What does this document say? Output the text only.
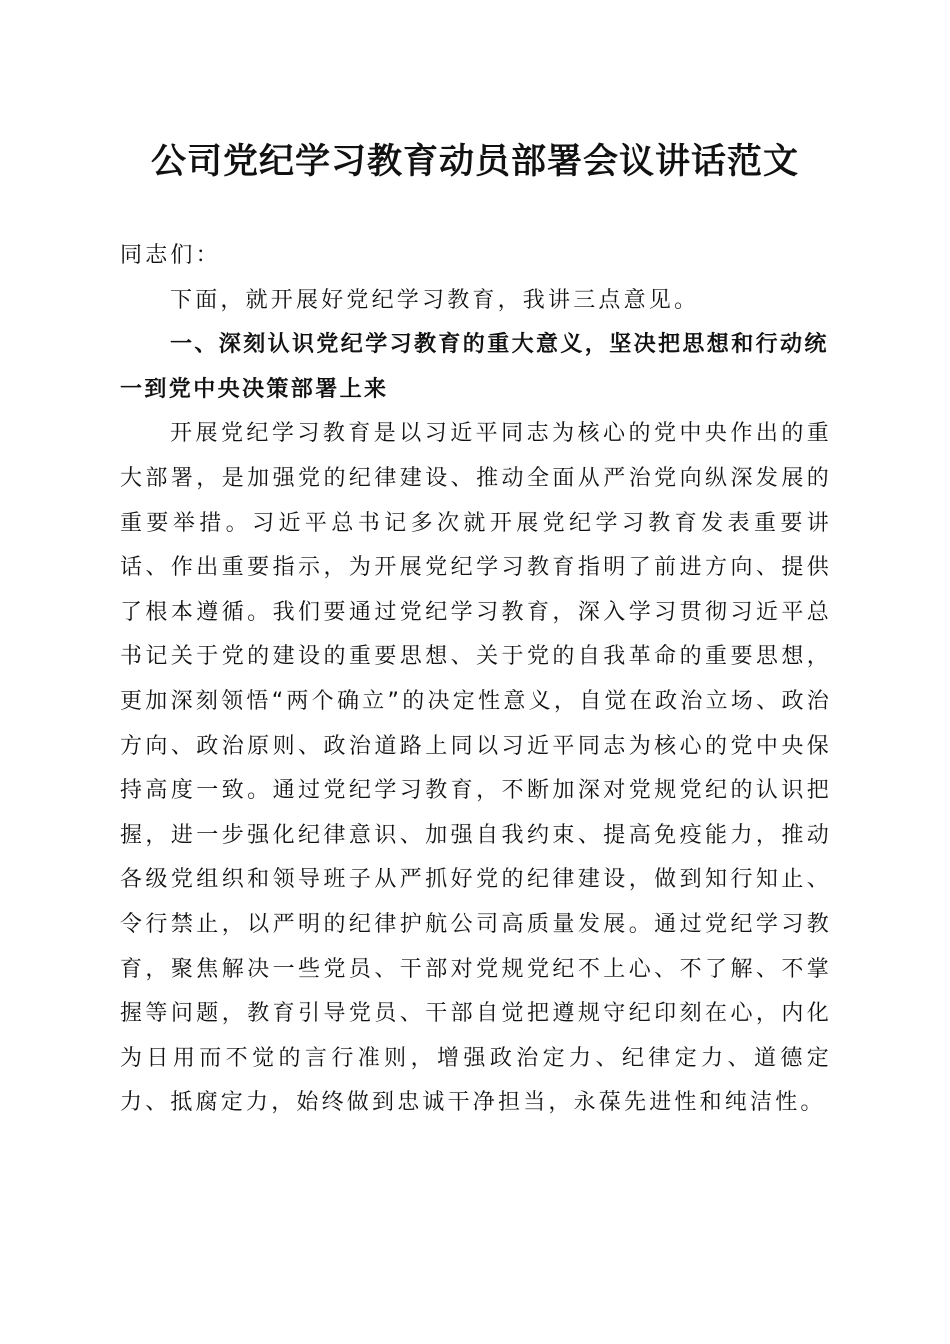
公司党纪学习教育动员部署会议讲话范文

同志们：

下面，就开展好党纪学习教育，我讲三点意见。

一、深刻认识党纪学习教育的重大意义，坚决把思想和行动统一到党中央决策部署上来

开展党纪学习教育是以习近平同志为核心的党中央作出的重大部署，是加强党的纪律建设、推动全面从严治党向纵深发展的重要举措。习近平总书记多次就开展党纪学习教育发表重要讲话、作出重要指示，为开展党纪学习教育指明了前进方向、提供了根本遵循。我们要通过党纪学习教育，深入学习贯彻习近平总书记关于党的建设的重要思想、关于党的自我革命的重要思想，更加深刻领悟“两个确立”的决定性意义，自觉在政治立场、政治方向、政治原则、政治道路上同以习近平同志为核心的党中央保持高度一致。通过党纪学习教育，不断加深对党规党纪的认识把握，进一步强化纪律意识、加强自我约束、提高免疫能力，推动各级党组织和领导班子从严抓好党的纪律建设，做到知行知止、令行禁止，以严明的纪律护航公司高质量发展。通过党纪学习教育，聚焦解决一些党员、干部对党规党纪不上心、不了解、不掌握等问题，教育引导党员、干部自觉把遵规守纪印刻在心，内化为日用而不觉的言行准则，增强政治定力、纪律定力、道德定力、抵腐定力，始终做到忠诚干净担当，永葆先进性和纯洁性。
